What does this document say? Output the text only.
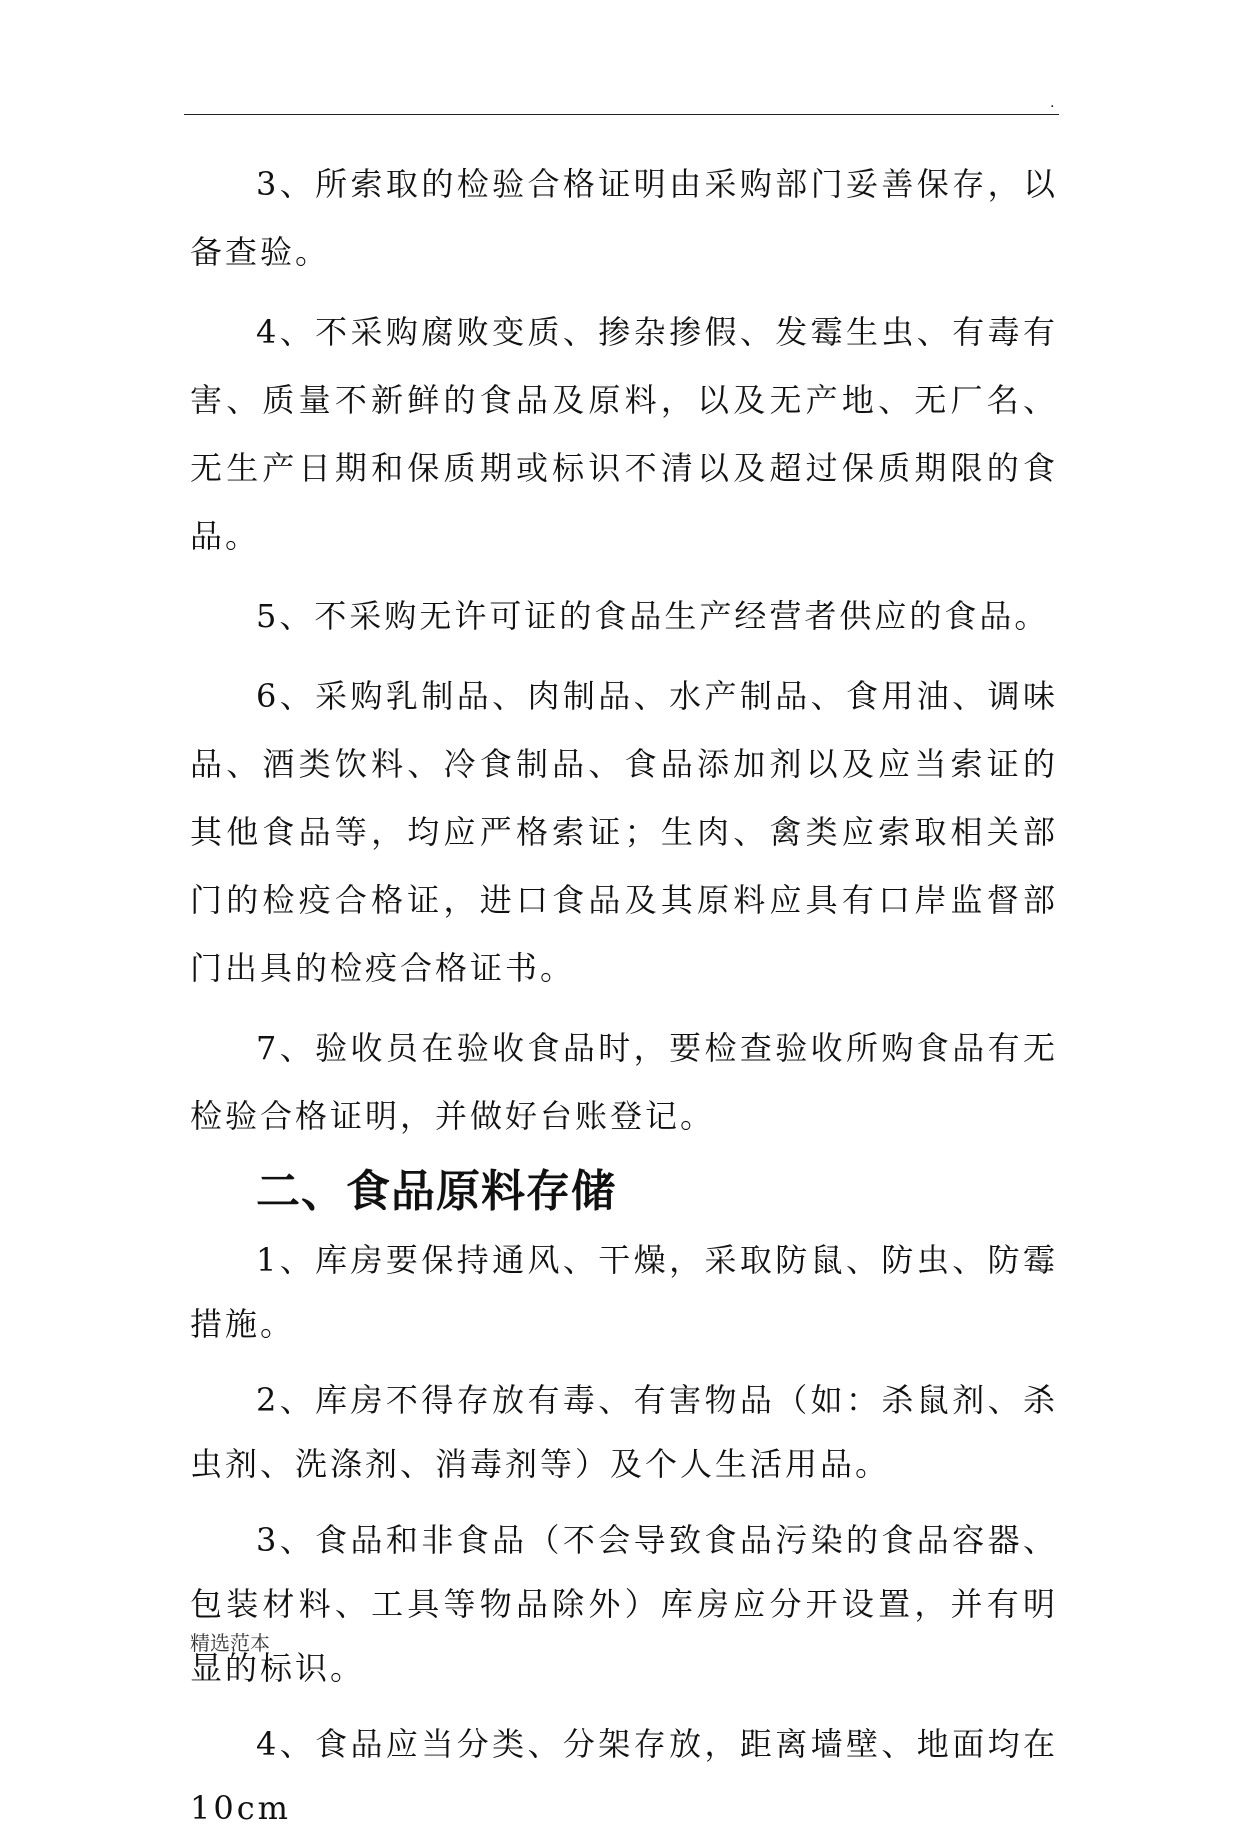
.

3、所索取的检验合格证明由采购部门妥善保存，以备查验。

4、不采购腐败变质、掺杂掺假、发霉生虫、有毒有害、质量不新鲜的食品及原料，以及无产地、无厂名、无生产日期和保质期或标识不清以及超过保质期限的食品。

5、不采购无许可证的食品生产经营者供应的食品。

6、采购乳制品、肉制品、水产制品、食用油、调味品、酒类饮料、冷食制品、食品添加剂以及应当索证的其他食品等，均应严格索证；生肉、禽类应索取相关部门的检疫合格证，进口食品及其原料应具有口岸监督部门出具的检疫合格证书。

7、验收员在验收食品时，要检查验收所购食品有无检验合格证明，并做好台账登记。

二、食品原料存储

1、库房要保持通风、干燥，采取防鼠、防虫、防霉措施。

2、库房不得存放有毒、有害物品（如：杀鼠剂、杀虫剂、洗涤剂、消毒剂等）及个人生活用品。

3、食品和非食品（不会导致食品污染的食品容器、包装材料、工具等物品除外）库房应分开设置，并有明显的标识。

4、食品应当分类、分架存放，距离墙壁、地面均在10cm

精选范本
